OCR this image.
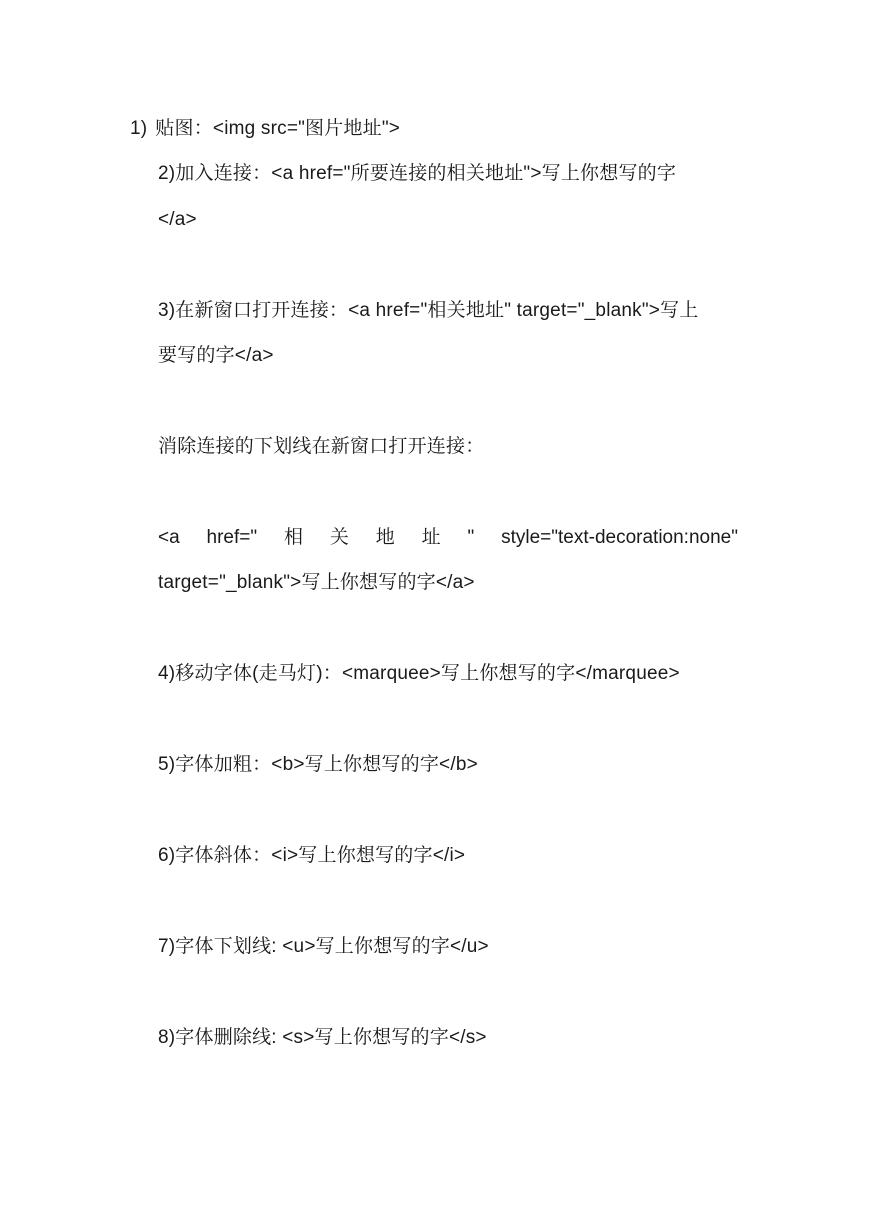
1) 贴图：<img src="图片地址">
2)加入连接：<a href="所要连接的相关地址">写上你想写的字
</a>
3)在新窗口打开连接：<a href="相关地址" target="_blank">写上
要写的字</a>
消除连接的下划线在新窗口打开连接：
<a href=" 相 关 地 址 " style="text-decoration:none"
target="_blank">写上你想写的字</a>
4)移动字体(走马灯)：<marquee>写上你想写的字</marquee>
5)字体加粗：<b>写上你想写的字</b>
6)字体斜体：<i>写上你想写的字</i>
7)字体下划线: <u>写上你想写的字</u>
8)字体删除线: <s>写上你想写的字</s>
